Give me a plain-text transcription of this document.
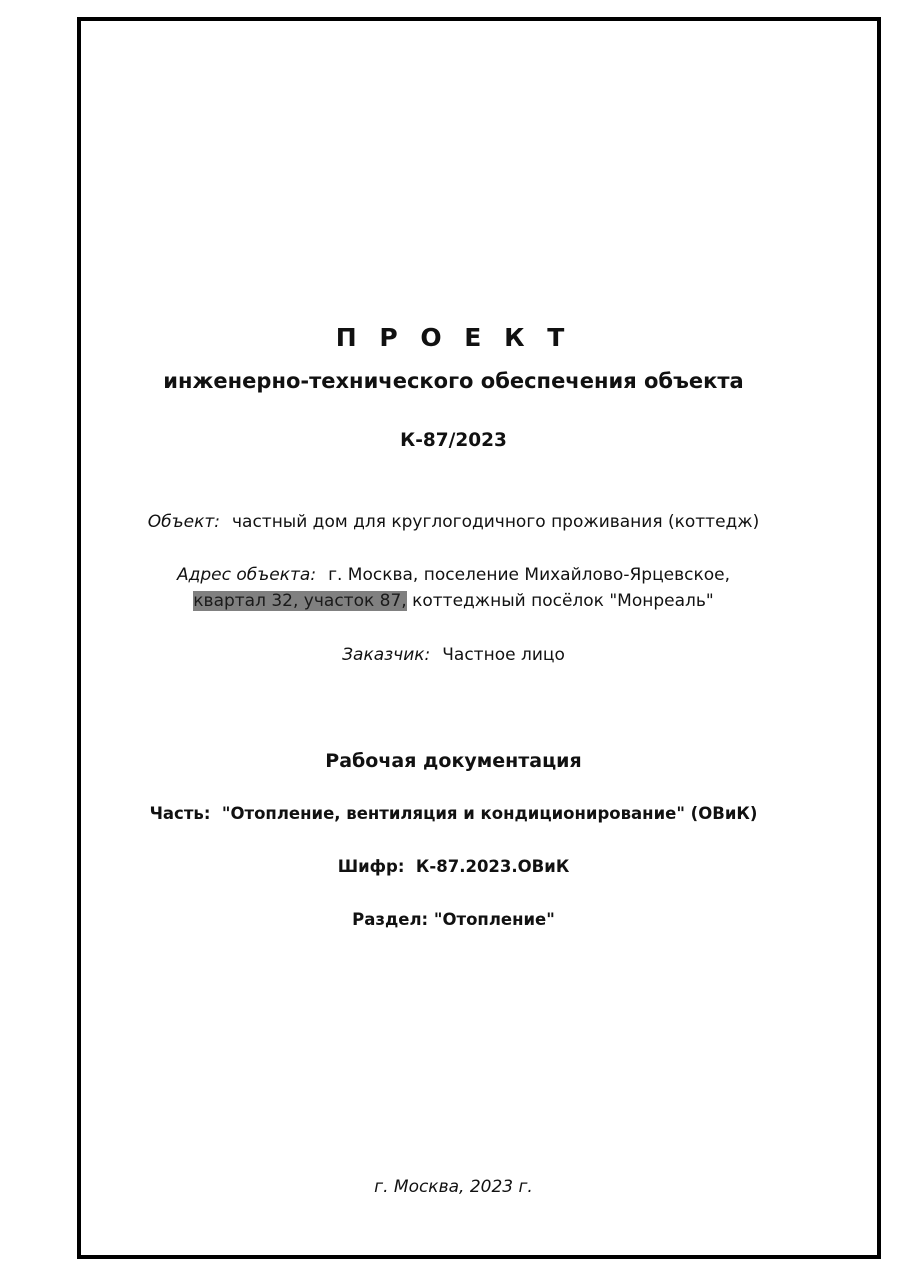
П Р О Е К Т
инженерно-технического обеспечения объекта
К-87/2023
Объект: частный дом для круглогодичного проживания (коттедж)
Адрес объекта: г. Москва, поселение Михайлово-Ярцевское,
квартал 32, участок 87, коттеджный посёлок "Монреаль"
Заказчик: Частное лицо
Рабочая документация
Часть:  "Отопление, вентиляция и кондиционирование" (ОВиК)
Шифр:  К-87.2023.ОВиК
Раздел: "Отопление"
г. Москва, 2023 г.
